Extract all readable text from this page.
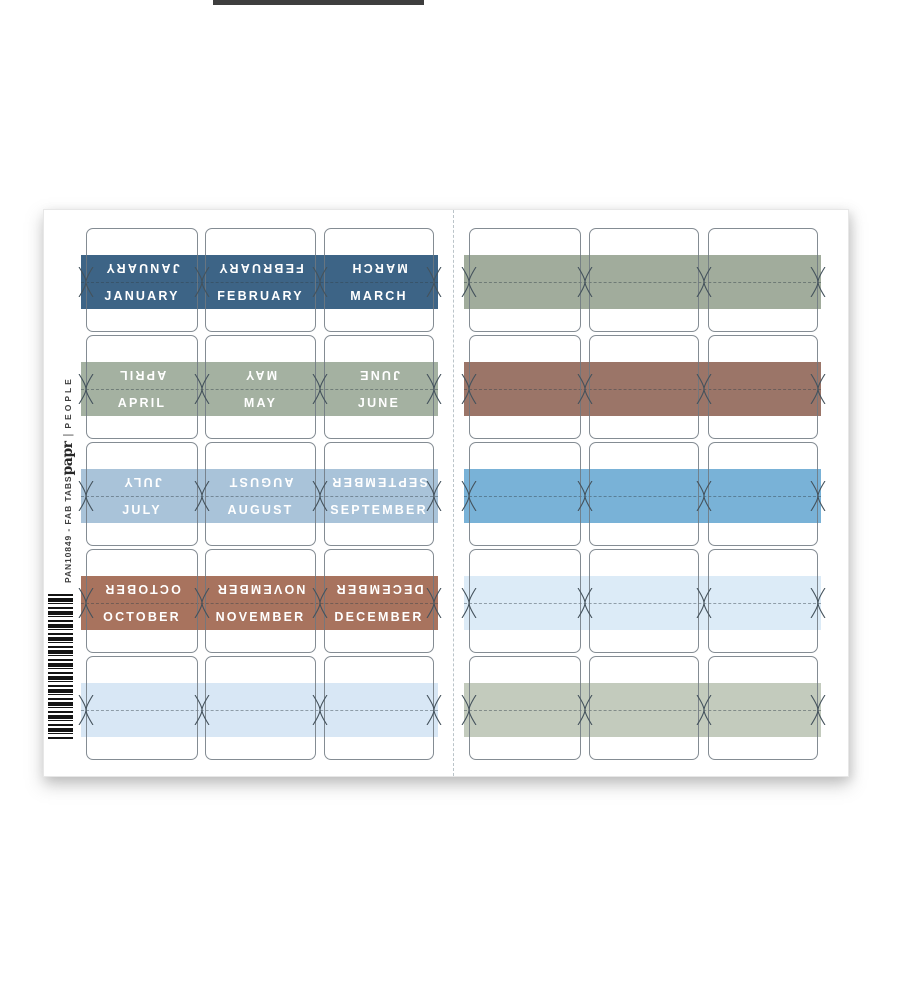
PAN10849 - FAB TABS
papr
|
PEOPLE
JANUARY
JANUARY
FEBRUARY
FEBRUARY
MARCH
MARCH
APRIL
APRIL
MAY
MAY
JUNE
JUNE
JULY
JULY
AUGUST
AUGUST
SEPTEMBER
SEPTEMBER
OCTOBER
OCTOBER
NOVEMBER
NOVEMBER
DECEMBER
DECEMBER
